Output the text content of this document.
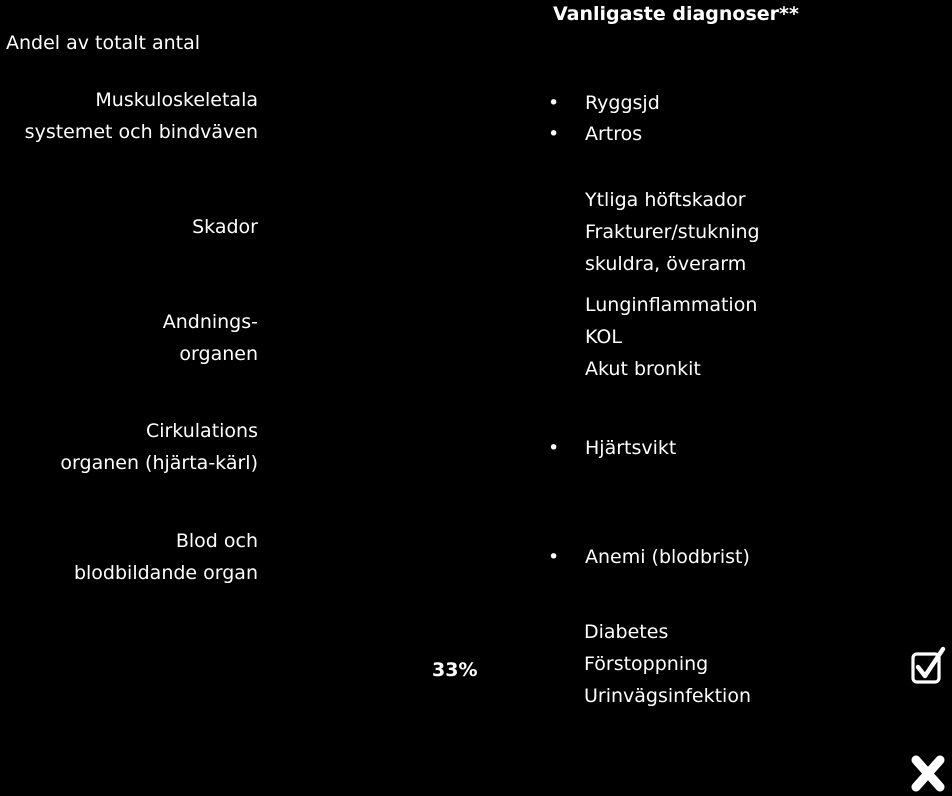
Andel av totalt antal
Vanligaste diagnoser**
Muskuloskeletala
systemet och bindväven
• Ryggsjd
• Artros
Skador
Ytliga höftskador
Frakturer/stukning
skuldra, överarm
Andnings-
organen
Lunginflammation
KOL
Akut bronkit
Cirkulations
organen (hjärta-kärl)
• Hjärtsvikt
Blod och
blodbildande organ
• Anemi (blodbrist)
33%
Diabetes
Förstoppning
Urinvägsinfektion
